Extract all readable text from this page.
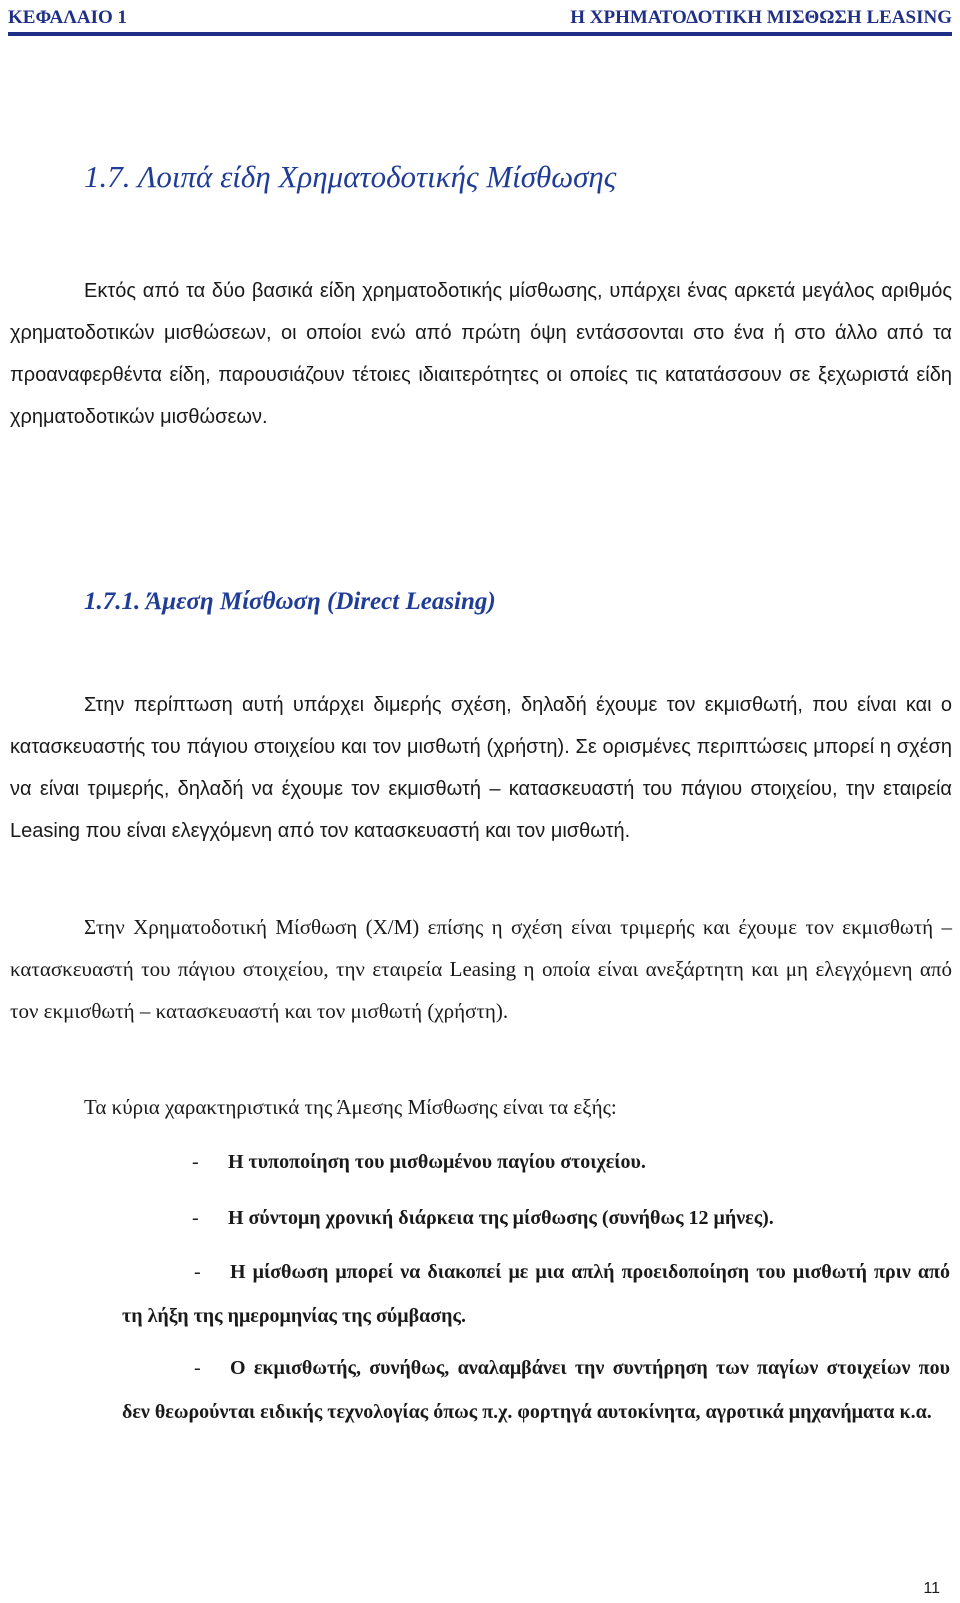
ΚΕΦΑΛΑΙΟ 1	Η ΧΡΗΜΑΤΟΔΟΤΙΚΗ ΜΙΣΘΩΣΗ LEASING
1.7. Λοιπά είδη Χρηματοδοτικής Μίσθωσης

Εκτός από τα δύο βασικά είδη χρηματοδοτικής μίσθωσης, υπάρχει ένας αρκετά μεγάλος αριθμός χρηματοδοτικών μισθώσεων, οι οποίοι ενώ από πρώτη όψη εντάσσονται στο ένα ή στο άλλο από τα προαναφερθέντα είδη, παρουσιάζουν τέτοιες ιδιαιτερότητες οι οποίες τις κατατάσσουν σε ξεχωριστά είδη χρηματοδοτικών μισθώσεων.

1.7.1. Άμεση Μίσθωση (Direct Leasing)

Στην περίπτωση αυτή υπάρχει διμερής σχέση, δηλαδή έχουμε τον εκμισθωτή, που είναι και ο κατασκευαστής του πάγιου στοιχείου και τον μισθωτή (χρήστη). Σε ορισμένες περιπτώσεις μπορεί η σχέση να είναι τριμερής, δηλαδή να έχουμε τον εκμισθωτή – κατασκευαστή του πάγιου στοιχείου, την εταιρεία Leasing που είναι ελεγχόμενη από τον κατασκευαστή και τον μισθωτή.

Στην Χρηματοδοτική Μίσθωση (Χ/Μ) επίσης η σχέση είναι τριμερής και έχουμε τον εκμισθωτή – κατασκευαστή του πάγιου στοιχείου, την εταιρεία Leasing η οποία είναι ανεξάρτητη και μη ελεγχόμενη από τον εκμισθωτή – κατασκευαστή και τον μισθωτή (χρήστη).

Τα κύρια χαρακτηριστικά της Άμεσης Μίσθωσης είναι τα εξής:

- Η τυποποίηση του μισθωμένου παγίου στοιχείου.

- Η σύντομη χρονική διάρκεια της μίσθωσης (συνήθως 12 μήνες).

- Η μίσθωση μπορεί να διακοπεί με μια απλή προειδοποίηση του μισθωτή πριν από τη λήξη της ημερομηνίας της σύμβασης.

- Ο εκμισθωτής, συνήθως, αναλαμβάνει την συντήρηση των παγίων στοιχείων που δεν θεωρούνται ειδικής τεχνολογίας όπως π.χ. φορτηγά αυτοκίνητα, αγροτικά μηχανήματα κ.α.

11
